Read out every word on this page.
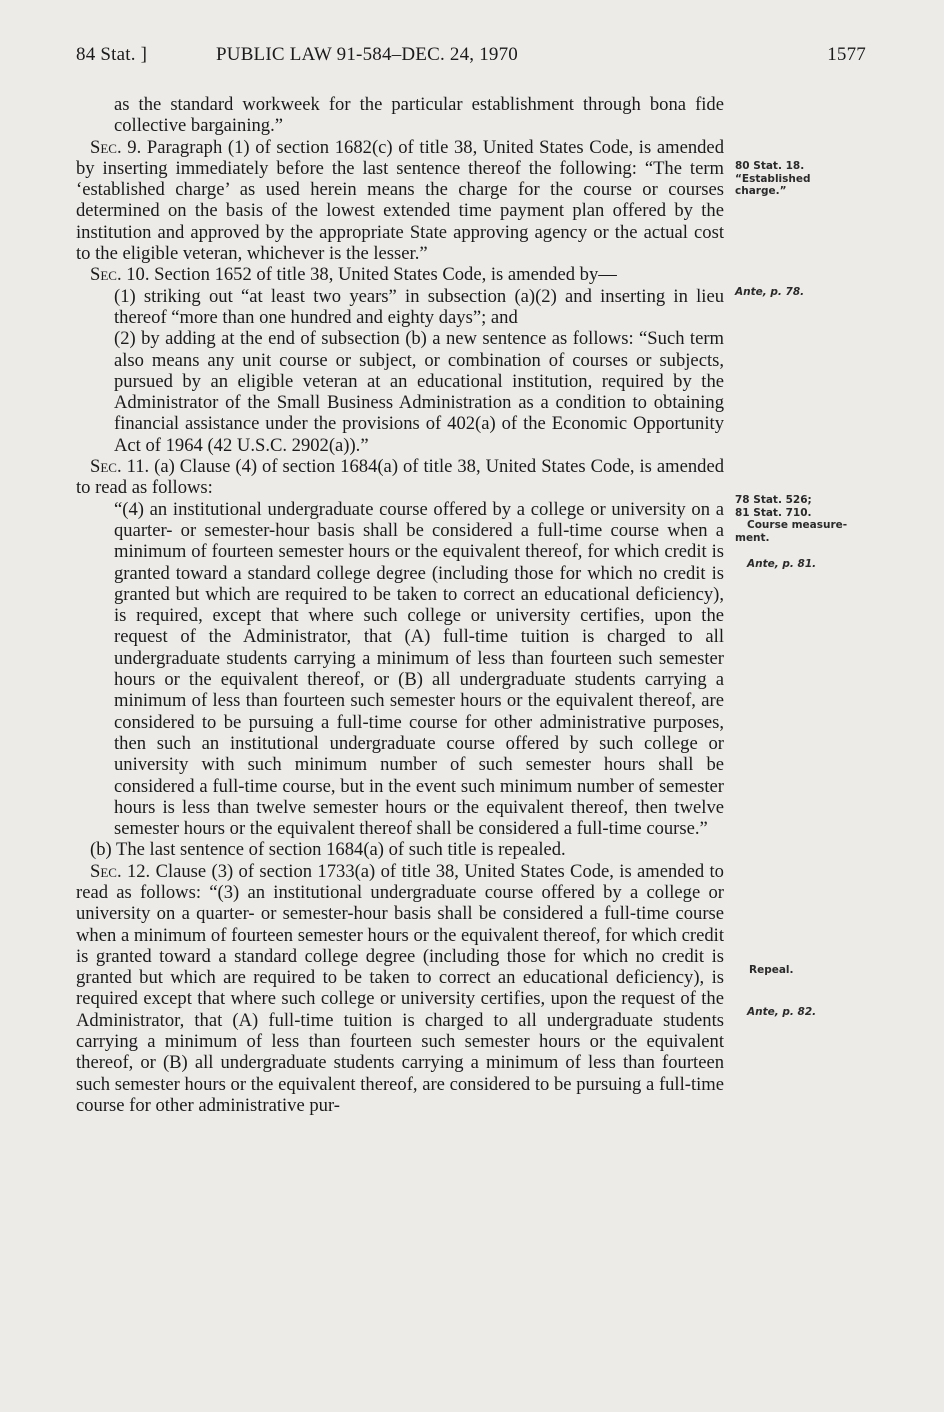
84 Stat. ]	PUBLIC LAW 91-584–DEC. 24, 1970	1577

as the standard workweek for the particular establishment through bona fide collective bargaining.”

Sec. 9. Paragraph (1) of section 1682(c) of title 38, United States Code, is amended by inserting immediately before the last sentence thereof the following: “The term ‘established charge’ as used herein means the charge for the course or courses determined on the basis of the lowest extended time payment plan offered by the institution and approved by the appropriate State approving agency or the actual cost to the eligible veteran, whichever is the lesser.”

Sec. 10. Section 1652 of title 38, United States Code, is amended by—

(1) striking out “at least two years” in subsection (a)(2) and inserting in lieu thereof “more than one hundred and eighty days”; and

(2) by adding at the end of subsection (b) a new sentence as follows: “Such term also means any unit course or subject, or combination of courses or subjects, pursued by an eligible veteran at an educational institution, required by the Administrator of the Small Business Administration as a condition to obtaining financial assistance under the provisions of 402(a) of the Economic Opportunity Act of 1964 (42 U.S.C. 2902(a)).”

Sec. 11. (a) Clause (4) of section 1684(a) of title 38, United States Code, is amended to read as follows:

“(4) an institutional undergraduate course offered by a college or university on a quarter- or semester-hour basis shall be considered a full-time course when a minimum of fourteen semester hours or the equivalent thereof, for which credit is granted toward a standard college degree (including those for which no credit is granted but which are required to be taken to correct an educational deficiency), is required, except that where such college or university certifies, upon the request of the Administrator, that (A) full-time tuition is charged to all undergraduate students carrying a minimum of less than fourteen such semester hours or the equivalent thereof, or (B) all undergraduate students carrying a minimum of less than fourteen such semester hours or the equivalent thereof, are considered to be pursuing a full-time course for other administrative purposes, then such an institutional undergraduate course offered by such college or university with such minimum number of such semester hours shall be considered a full-time course, but in the event such minimum number of semester hours is less than twelve semester hours or the equivalent thereof, then twelve semester hours or the equivalent thereof shall be considered a full-time course.”

(b) The last sentence of section 1684(a) of such title is repealed.

Sec. 12. Clause (3) of section 1733(a) of title 38, United States Code, is amended to read as follows: “(3) an institutional undergraduate course offered by a college or university on a quarter- or semester-hour basis shall be considered a full-time course when a minimum of fourteen semester hours or the equivalent thereof, for which credit is granted toward a standard college degree (including those for which no credit is granted but which are required to be taken to correct an educational deficiency), is required except that where such college or university certifies, upon the request of the Administrator, that (A) full-time tuition is charged to all undergraduate students carrying a minimum of less than fourteen such semester hours or the equivalent thereof, or (B) all undergraduate students carrying a minimum of less than fourteen such semester hours or the equivalent thereof, are considered to be pursuing a full-time course for other administrative pur-

80 Stat. 18.
“Established
charge.”
Ante, p. 78.
78 Stat. 526;
81 Stat. 710.
Course measure-
ment.
Ante, p. 81.
Repeal.
Ante, p. 82.
